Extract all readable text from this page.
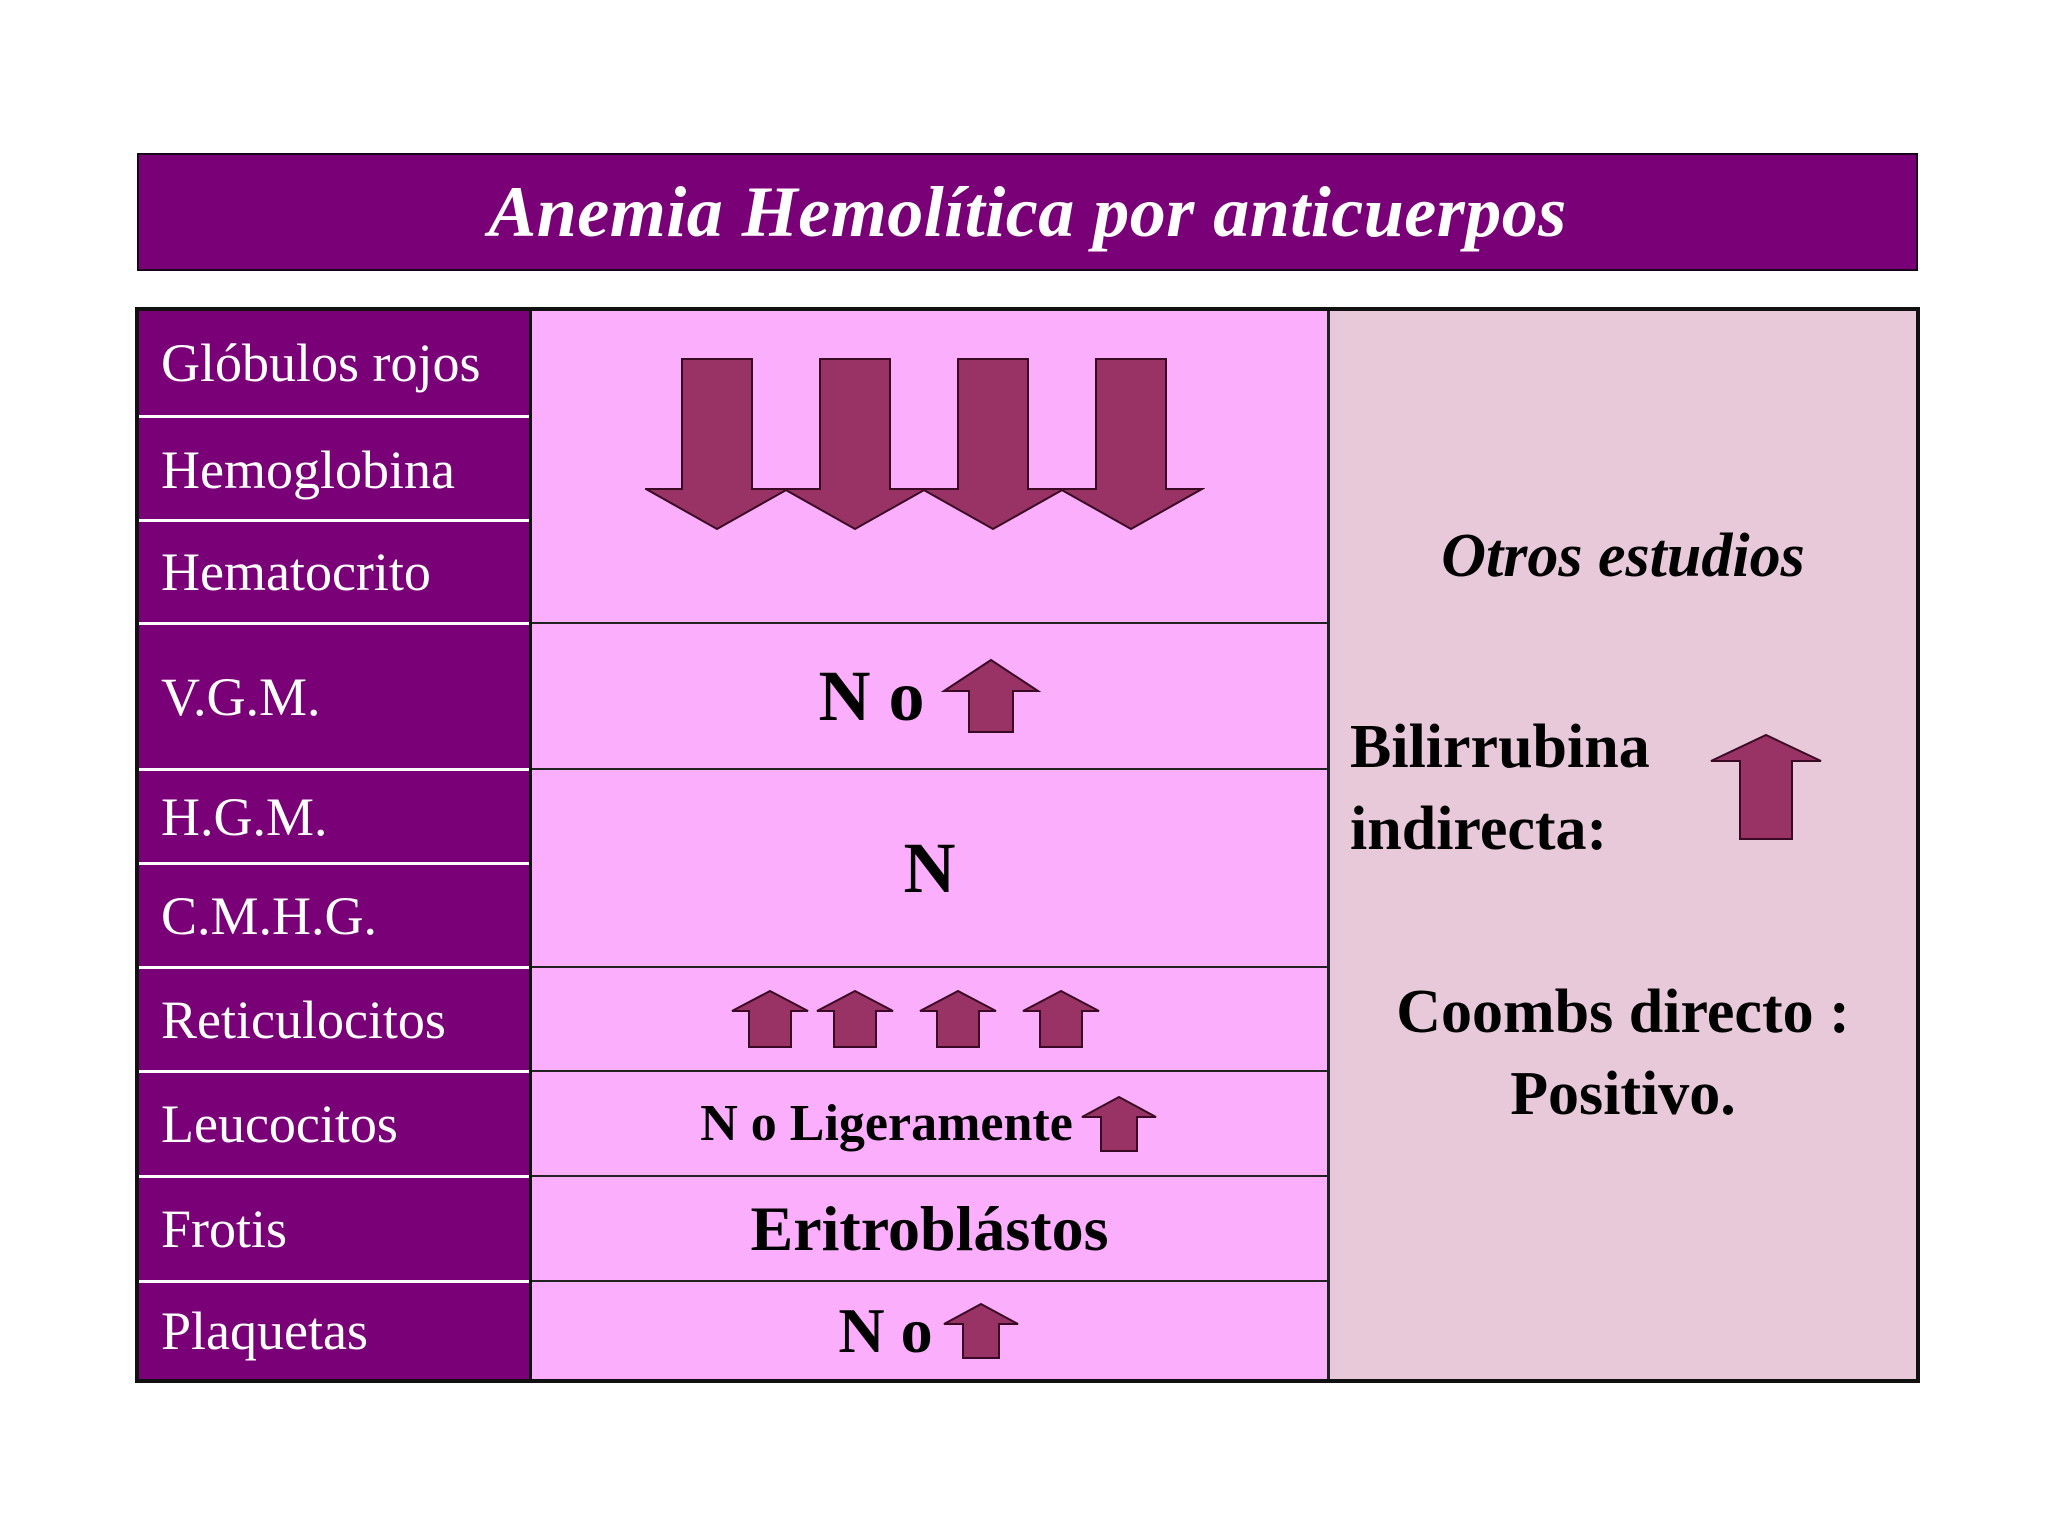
Anemia Hemolítica por anticuerpos
Glóbulos rojos
Hemoglobina
Hematocrito
V.G.M.
H.G.M.
C.M.H.G.
Reticulocitos
Leucocitos
Frotis
Plaquetas
N o
N
N o Ligeramente
Eritroblástos
N o
Otros estudios
Bilirrubina
indirecta:
Coombs directo :
Positivo.
